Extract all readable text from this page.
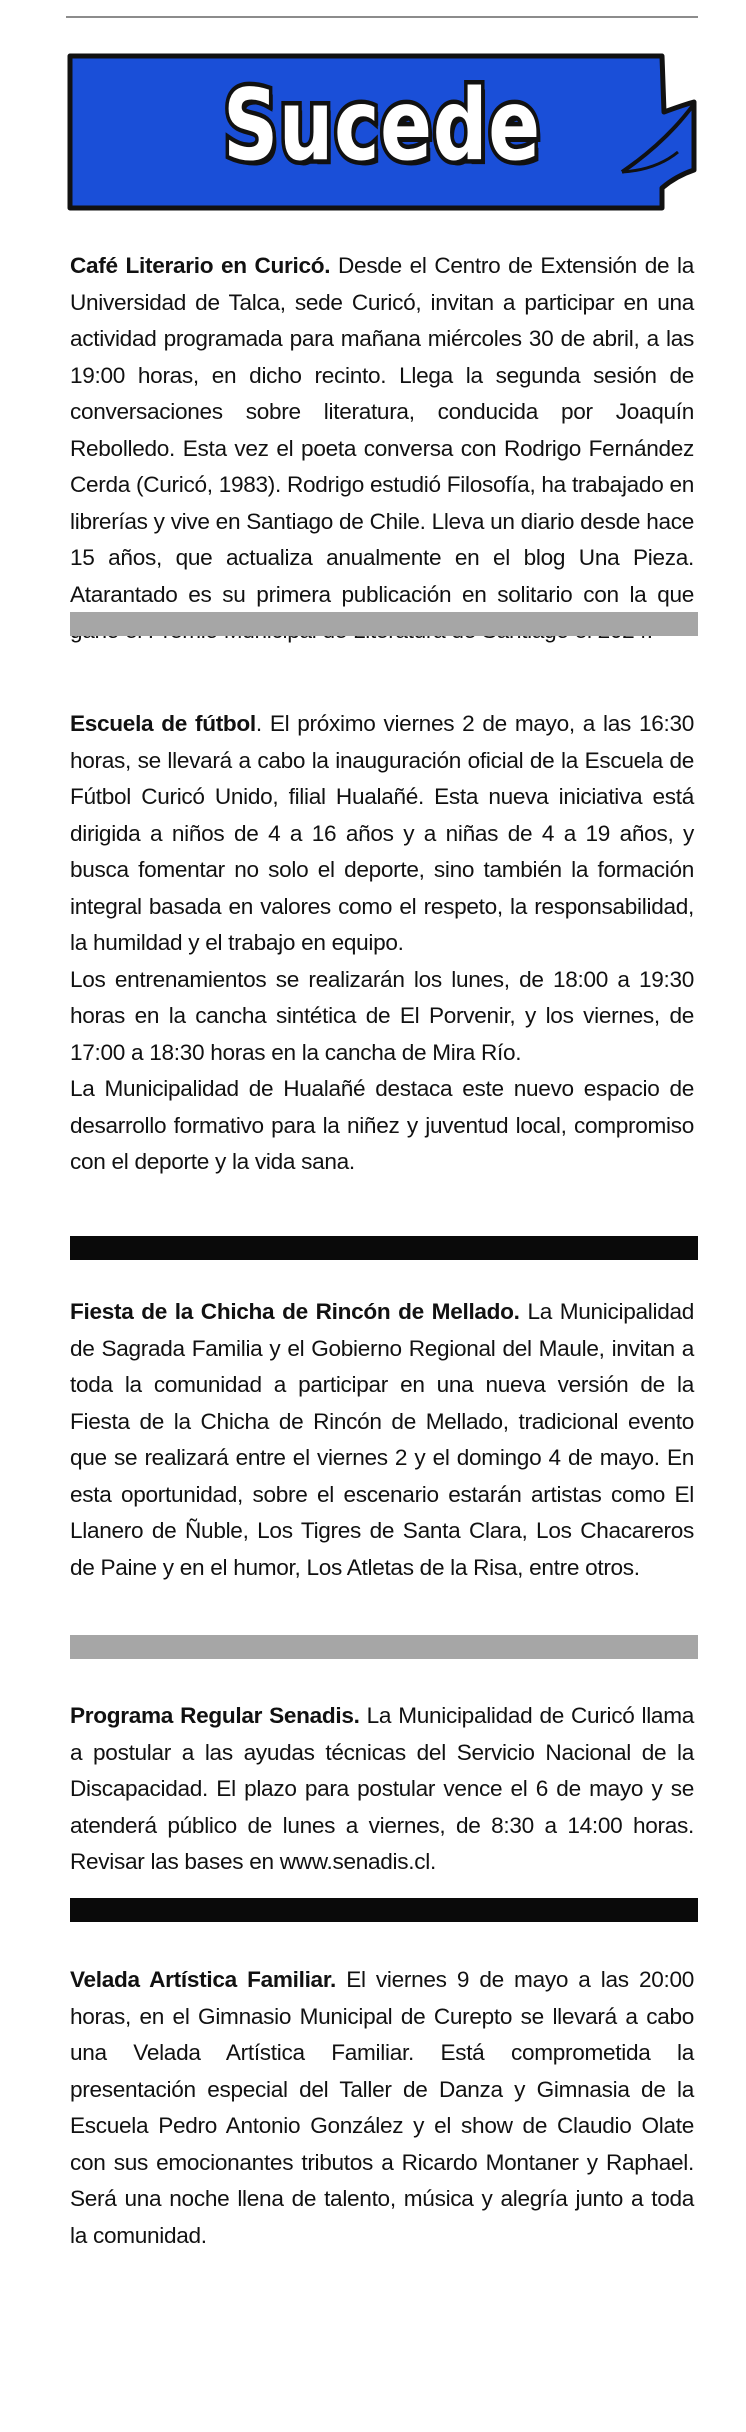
Sucede

Café Literario en Curicó. Desde el Centro de Extensión de la Universidad de Talca, sede Curicó, invitan a participar en una actividad programada para mañana miércoles 30 de abril, a las 19:00 horas, en dicho recinto. Llega la segunda sesión de conversaciones sobre literatura, conducida por Joaquín Rebolledo. Esta vez el poeta conversa con Rodrigo Fernández Cerda (Curicó, 1983). Rodrigo estudió Filosofía, ha trabajado en librerías y vive en Santiago de Chile. Lleva un diario desde hace 15 años, que actualiza anualmente en el blog Una Pieza. Atarantado es su primera publicación en solitario con la que

Escuela de fútbol. El próximo viernes 2 de mayo, a las 16:30 horas, se llevará a cabo la inauguración oficial de la Escuela de Fútbol Curicó Unido, filial Hualañé. Esta nueva iniciativa está dirigida a niños de 4 a 16 años y a niñas de 4 a 19 años, y busca fomentar no solo el deporte, sino también la formación integral basada en valores como el respeto, la responsabilidad, la humildad y el trabajo en equipo.

Los entrenamientos se realizarán los lunes, de 18:00 a 19:30 horas en la cancha sintética de El Porvenir, y los viernes, de 17:00 a 18:30 horas en la cancha de Mira Río.

La Municipalidad de Hualañé destaca este nuevo espacio de desarrollo formativo para la niñez y juventud local, compromiso con el deporte y la vida sana.

Fiesta de la Chicha de Rincón de Mellado. La Municipalidad de Sagrada Familia y el Gobierno Regional del Maule, invitan a toda la comunidad a participar en una nueva versión de la Fiesta de la Chicha de Rincón de Mellado, tradicional evento que se realizará entre el viernes 2 y el domingo 4 de mayo. En esta oportunidad, sobre el escenario estarán artistas como El Llanero de Ñuble, Los Tigres de Santa Clara, Los Chacareros de Paine y en el humor, Los Atletas de la Risa, entre otros.

Programa Regular Senadis. La Municipalidad de Curicó llama a postular a las ayudas técnicas del Servicio Nacional de la Discapacidad. El plazo para postular vence el 6 de mayo y se atenderá público de lunes a viernes, de 8:30 a 14:00 horas. Revisar las bases en www.senadis.cl.

Velada Artística Familiar. El viernes 9 de mayo a las 20:00 horas, en el Gimnasio Municipal de Curepto se llevará a cabo una Velada Artística Familiar. Está comprometida la presentación especial del Taller de Danza y Gimnasia de la Escuela Pedro Antonio González y el show de Claudio Olate con sus emocionantes tributos a Ricardo Montaner y Raphael. Será una noche llena de talento, música y alegría junto a toda la comunidad.
